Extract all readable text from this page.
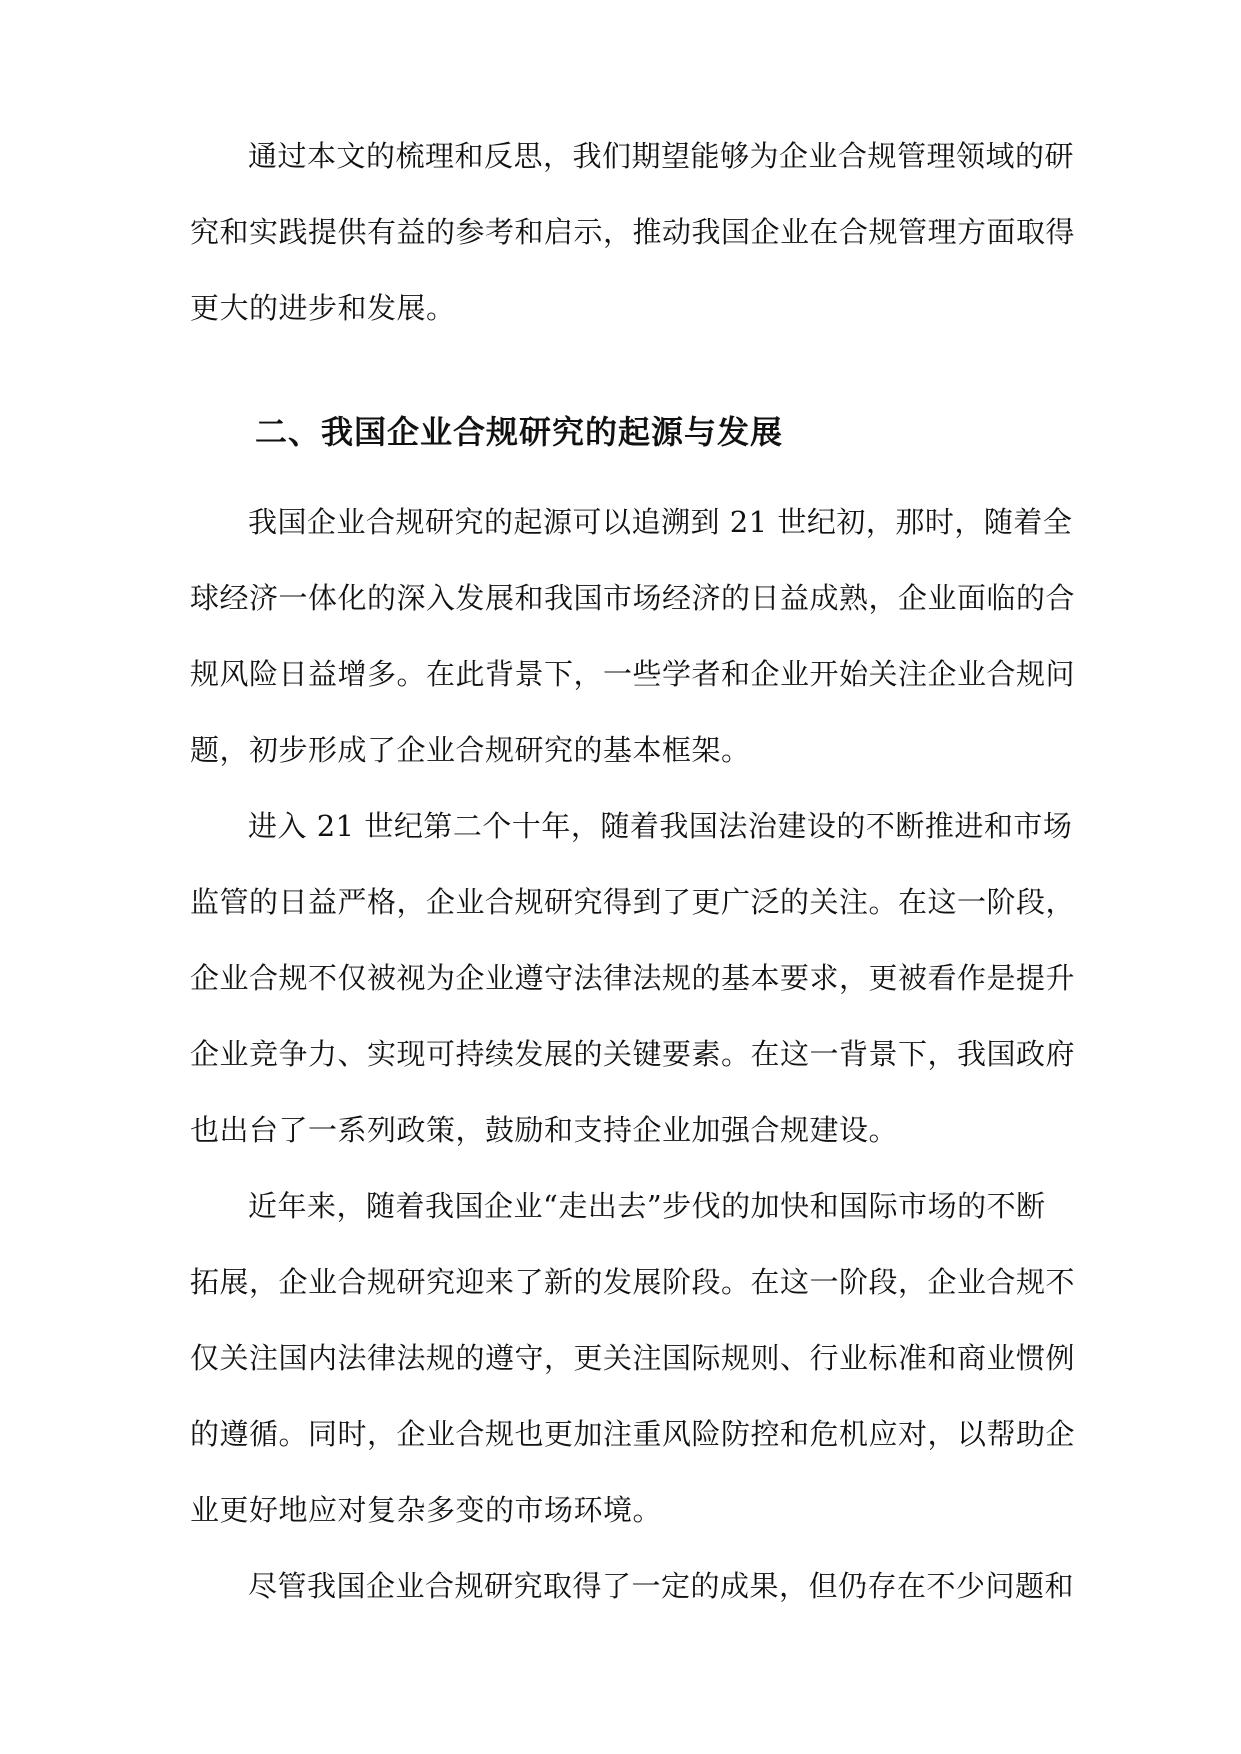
通过本文的梳理和反思，我们期望能够为企业合规管理领域的研
究和实践提供有益的参考和启示，推动我国企业在合规管理方面取得
更大的进步和发展。
二、我国企业合规研究的起源与发展
我国企业合规研究的起源可以追溯到 21 世纪初，那时，随着全
球经济一体化的深入发展和我国市场经济的日益成熟，企业面临的合
规风险日益增多。在此背景下，一些学者和企业开始关注企业合规问
题，初步形成了企业合规研究的基本框架。
进入 21 世纪第二个十年，随着我国法治建设的不断推进和市场
监管的日益严格，企业合规研究得到了更广泛的关注。在这一阶段，
企业合规不仅被视为企业遵守法律法规的基本要求，更被看作是提升
企业竞争力、实现可持续发展的关键要素。在这一背景下，我国政府
也出台了一系列政策，鼓励和支持企业加强合规建设。
近年来，随着我国企业“走出去”步伐的加快和国际市场的不断
拓展，企业合规研究迎来了新的发展阶段。在这一阶段，企业合规不
仅关注国内法律法规的遵守，更关注国际规则、行业标准和商业惯例
的遵循。同时，企业合规也更加注重风险防控和危机应对，以帮助企
业更好地应对复杂多变的市场环境。
尽管我国企业合规研究取得了一定的成果，但仍存在不少问题和
